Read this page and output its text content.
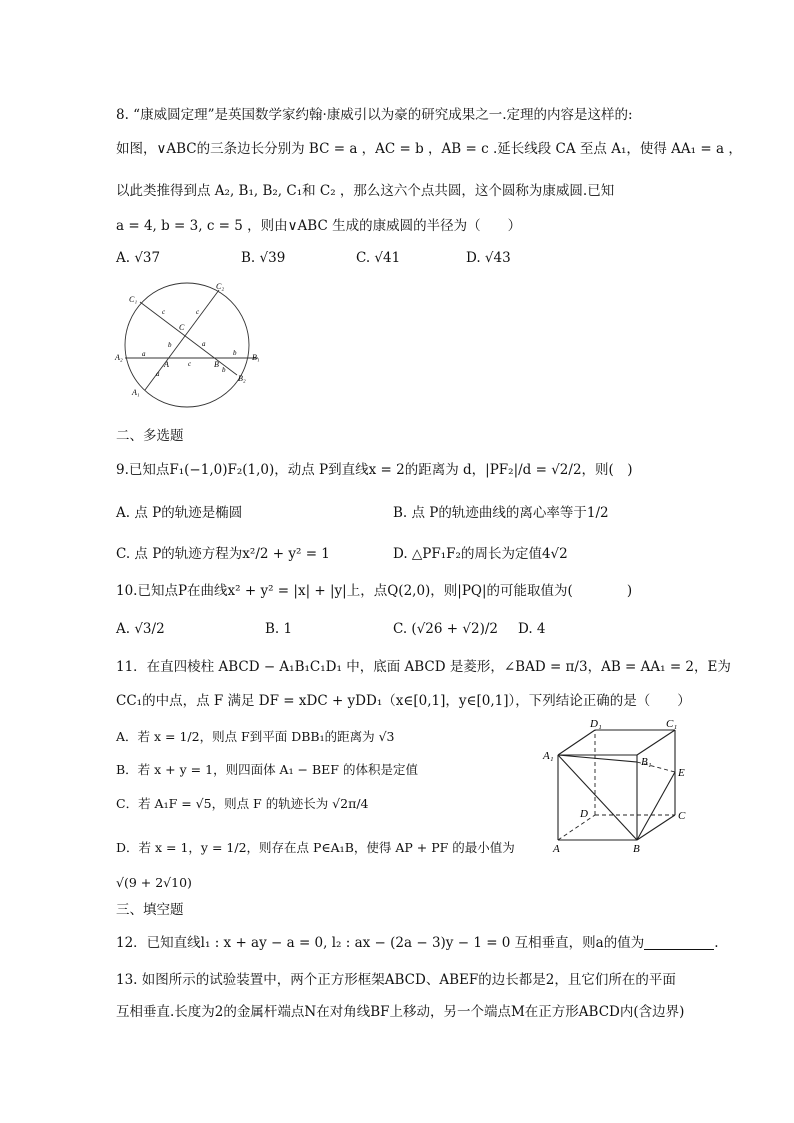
8. “康威圆定理”是英国数学家约翰·康威引以为豪的研究成果之一.定理的内容是这样的:
如图，∨ABC的三条边长分别为 BC = a ，AC = b ，AB = c .延长线段 CA 至点 A₁，使得 AA₁ = a ，
以此类推得到点 A₂, B₁, B₂, C₁和 C₂ ，那么这六个点共圆，这个圆称为康威圆.已知
a = 4, b = 3, c = 5 ，则由∨ABC 生成的康威圆的半径为（　　）
A. √37	B. √39	C. √41	D. √43
C₁
C₂
A₂	B₁
B₂
A₁
A	B
C
c	c
b	a
a
c
b
b
a
二、多选题
9.已知点F₁(−1,0)F₂(1,0)，动点 P到直线x = 2的距离为 d，|PF₂|/d = √2/2，则(　)
A. 点 P的轨迹是椭圆	B. 点 P的轨迹曲线的离心率等于1/2
C. 点 P的轨迹方程为x²/2 + y² = 1	D. △PF₁F₂的周长为定值4√2
10.已知点P在曲线x² + y² = |x| + |y|上，点Q(2,0)，则|PQ|的可能取值为(　　　　)
A. √3/2	B. 1	C. (√26 + √2)/2 D. 4
11．在直四棱柱 ABCD − A₁B₁C₁D₁ 中，底面 ABCD 是菱形，∠BAD = π/3，AB = AA₁ = 2，E为
CC₁的中点，点 F 满足 DF = xDC + yDD₁（x∈[0,1]，y∈[0,1]），下列结论正确的是（　　）
A．若 x = 1/2，则点 F到平面 DBB₁的距离为 √3
B．若 x + y = 1，则四面体 A₁ − BEF 的体积是定值
C．若 A₁F = √5，则点 F 的轨迹长为 √2π/4
D．若 x = 1，y = 1/2，则存在点 P∈A₁B，使得 AP + PF 的最小值为
√(9 + 2√10)
D₁	C₁
A₁	B₁
E
D	C
A	B
三、填空题
12．已知直线l₁ : x + ay − a = 0, l₂ : ax − (2a − 3)y − 1 = 0 互相垂直，则a的值为	.
13. 如图所示的试验装置中，两个正方形框架ABCD、ABEF的边长都是2，且它们所在的平面
互相垂直.长度为2的金属杆端点N在对角线BF上移动，另一个端点M在正方形ABCD内(含边界)
